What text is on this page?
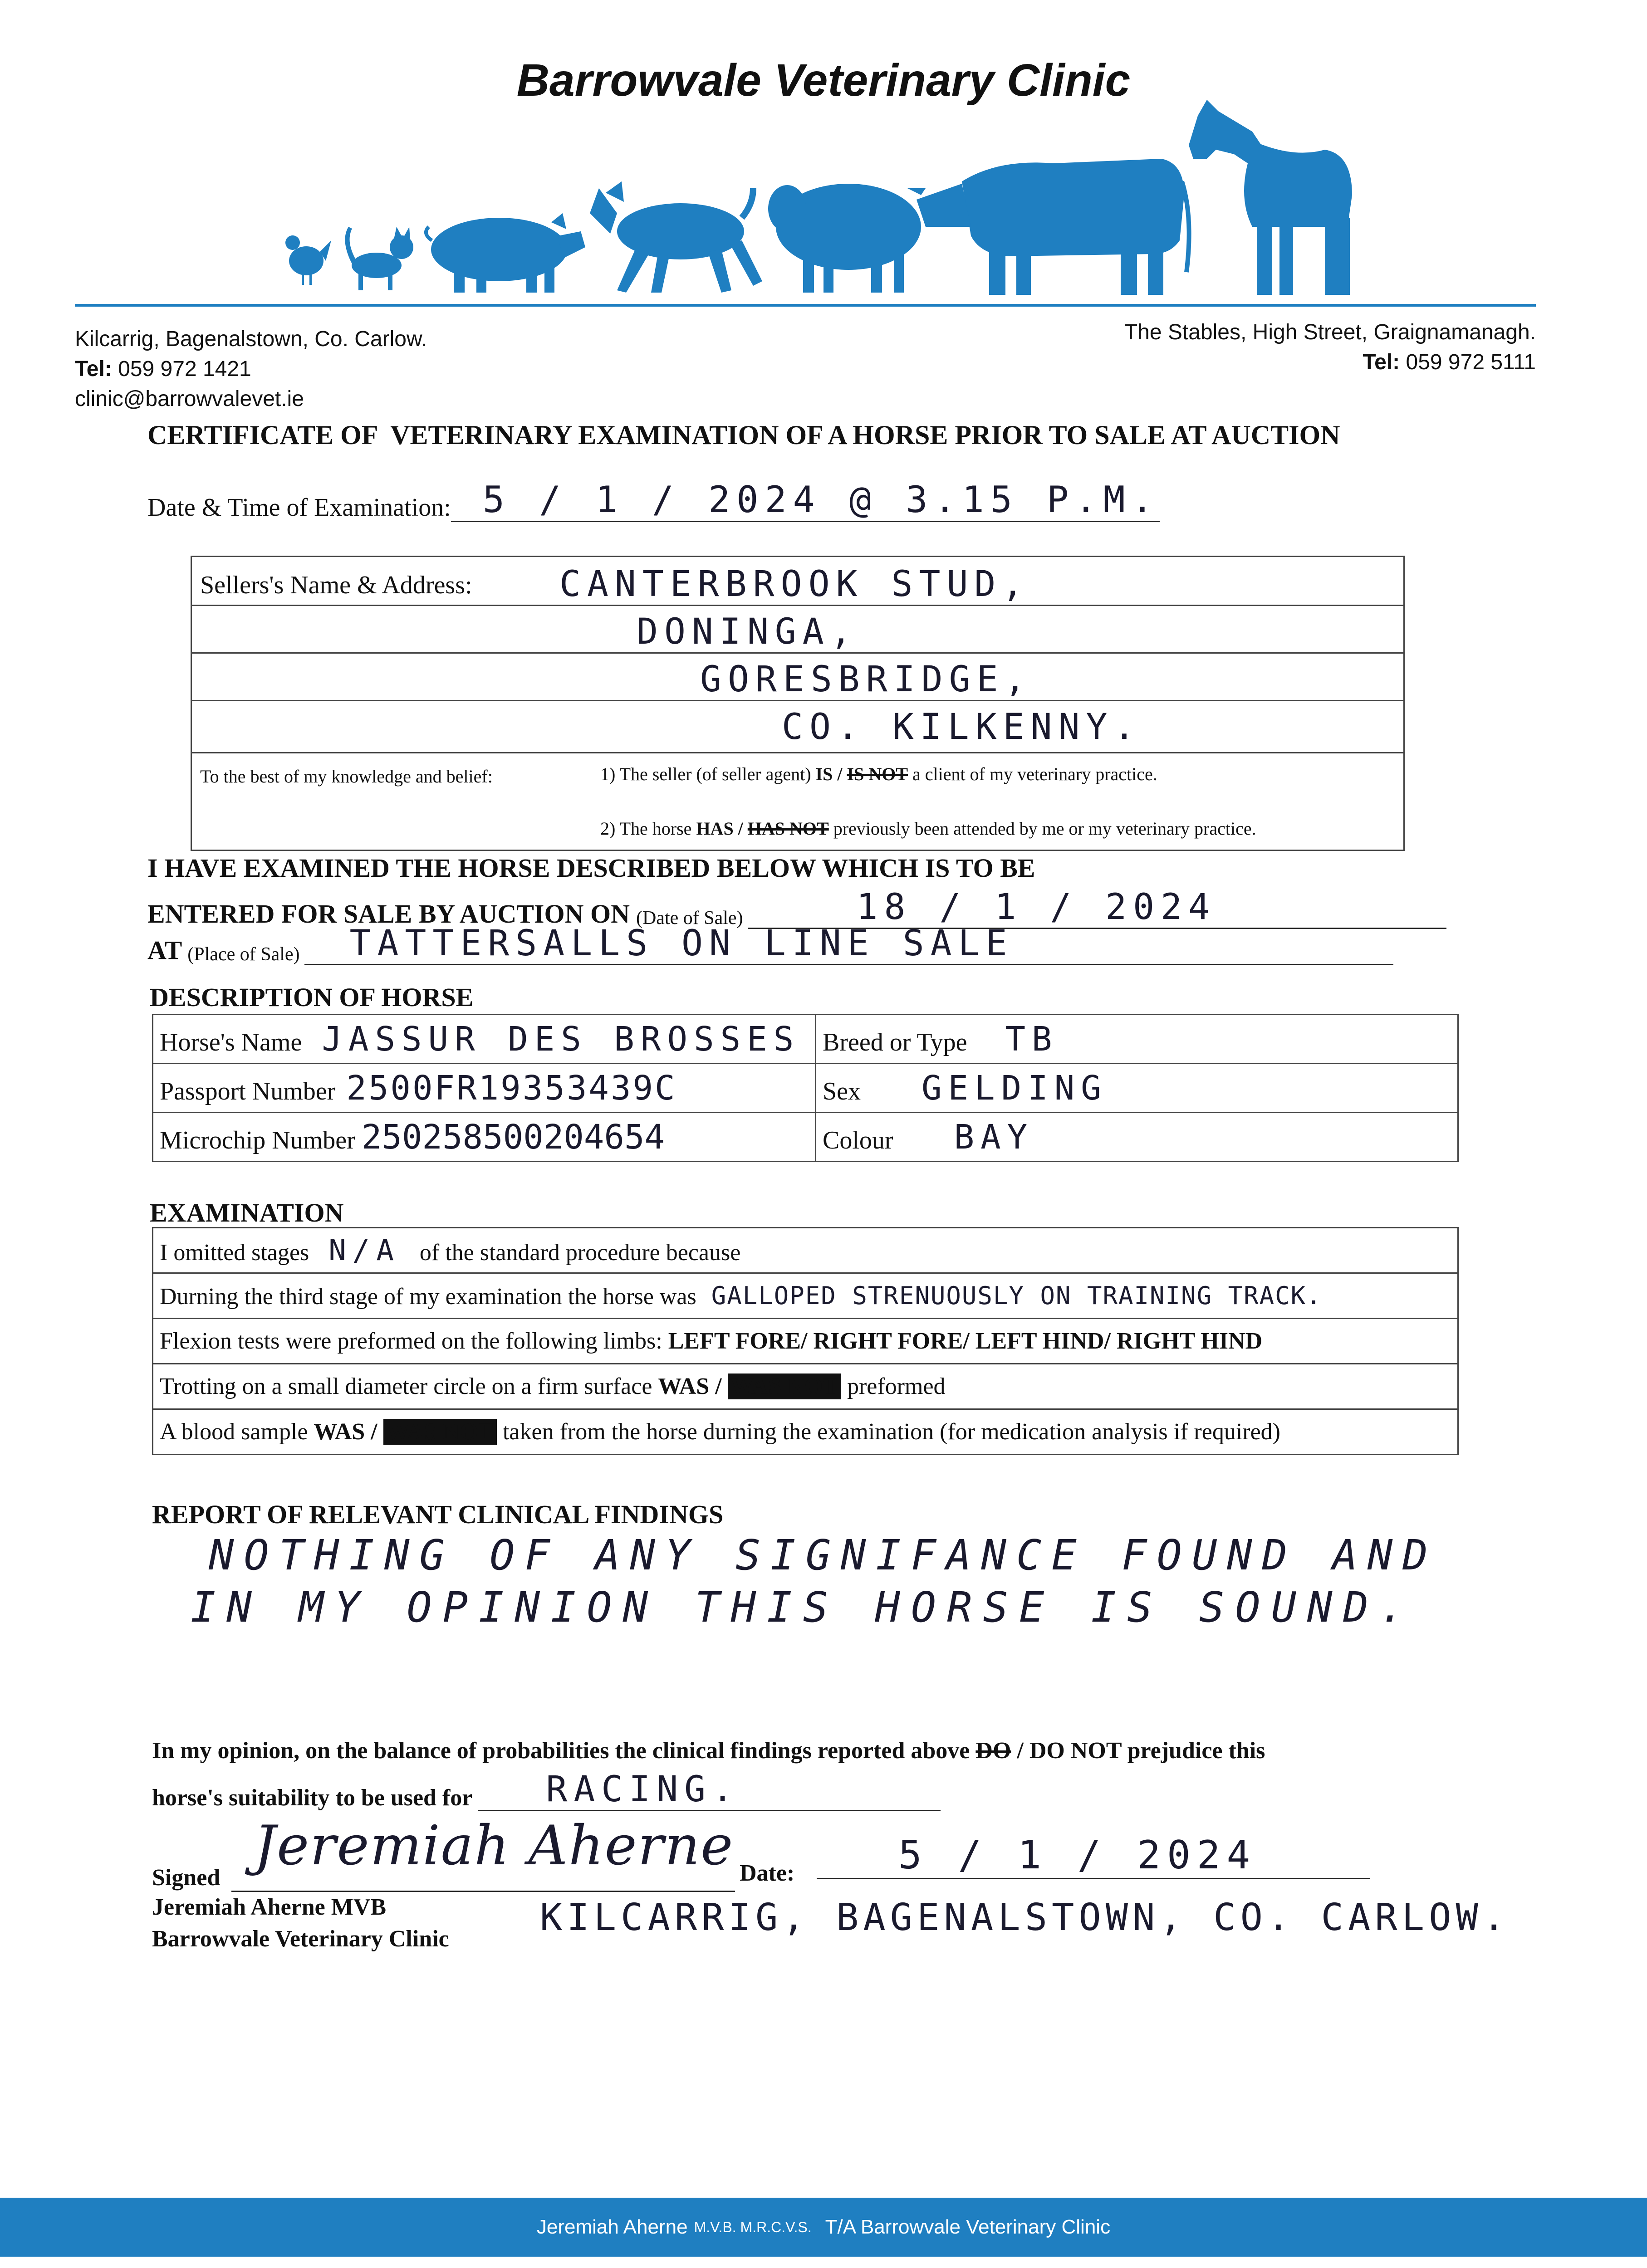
Barrowvale Veterinary Clinic
Kilcarrig, Bagenalstown, Co. Carlow.
Tel: 059 972 1421
clinic@barrowvalevet.ie
The Stables, High Street, Graignamanagh.
Tel: 059 972 5111
CERTIFICATE OF  VETERINARY EXAMINATION OF A HORSE PRIOR TO SALE AT AUCTION
Date & Time of Examination: 5 / 1 / 2024 @ 3.15 P.M.
Sellers's Name & Address: CANTERBROOK STUD,
DONINGA,
GORESBRIDGE,
CO. KILKENNY.
To the best of my knowledge and belief:	1) The seller (of seller agent) IS / IS NOT a client of my veterinary practice.
2) The horse HAS / HAS NOT previously been attended by me or my veterinary practice.
I HAVE EXAMINED THE HORSE DESCRIBED BELOW WHICH IS TO BE
ENTERED FOR SALE BY AUCTION ON (Date of Sale)	18 / 1 / 2024
AT (Place of Sale)	TATTERSALLS ON LINE SALE
DESCRIPTION OF HORSE
Horse's Name JASSUR DES BROSSES	Breed or Type TB
Passport Number 2500FR19353439C	Sex GELDING
Microchip Number 250258500204654	Colour BAY
EXAMINATION
I omitted stages N/A of the standard procedure because
Durning the third stage of my examination the horse was GALLOPED STRENUOUSLY ON TRAINING TRACK.
Flexion tests were preformed on the following limbs: LEFT FORE/ RIGHT FORE/ LEFT HIND/ RIGHT HIND
Trotting on a small diameter circle on a firm surface WAS / WAS NOT preformed
A blood sample WAS / WAS NOT taken from the horse durning the examination (for medication analysis if required)
REPORT OF RELEVANT CLINICAL FINDINGS
NOTHING OF ANY SIGNIFANCE FOUND AND
IN MY OPINION THIS HORSE IS SOUND.
In my opinion, on the balance of probabilities the clinical findings reported above DO / DO NOT prejudice this
horse's suitability to be used for	RACING.
Signed
Jeremiah Aherne Date:	5 / 1 / 2024
Jeremiah Aherne MVB
Barrowvale Veterinary Clinic KILCARRIG, BAGENALSTOWN, CO. CARLOW.
Jeremiah Aherne M.V.B. M.R.C.V.S. T/A Barrowvale Veterinary Clinic
